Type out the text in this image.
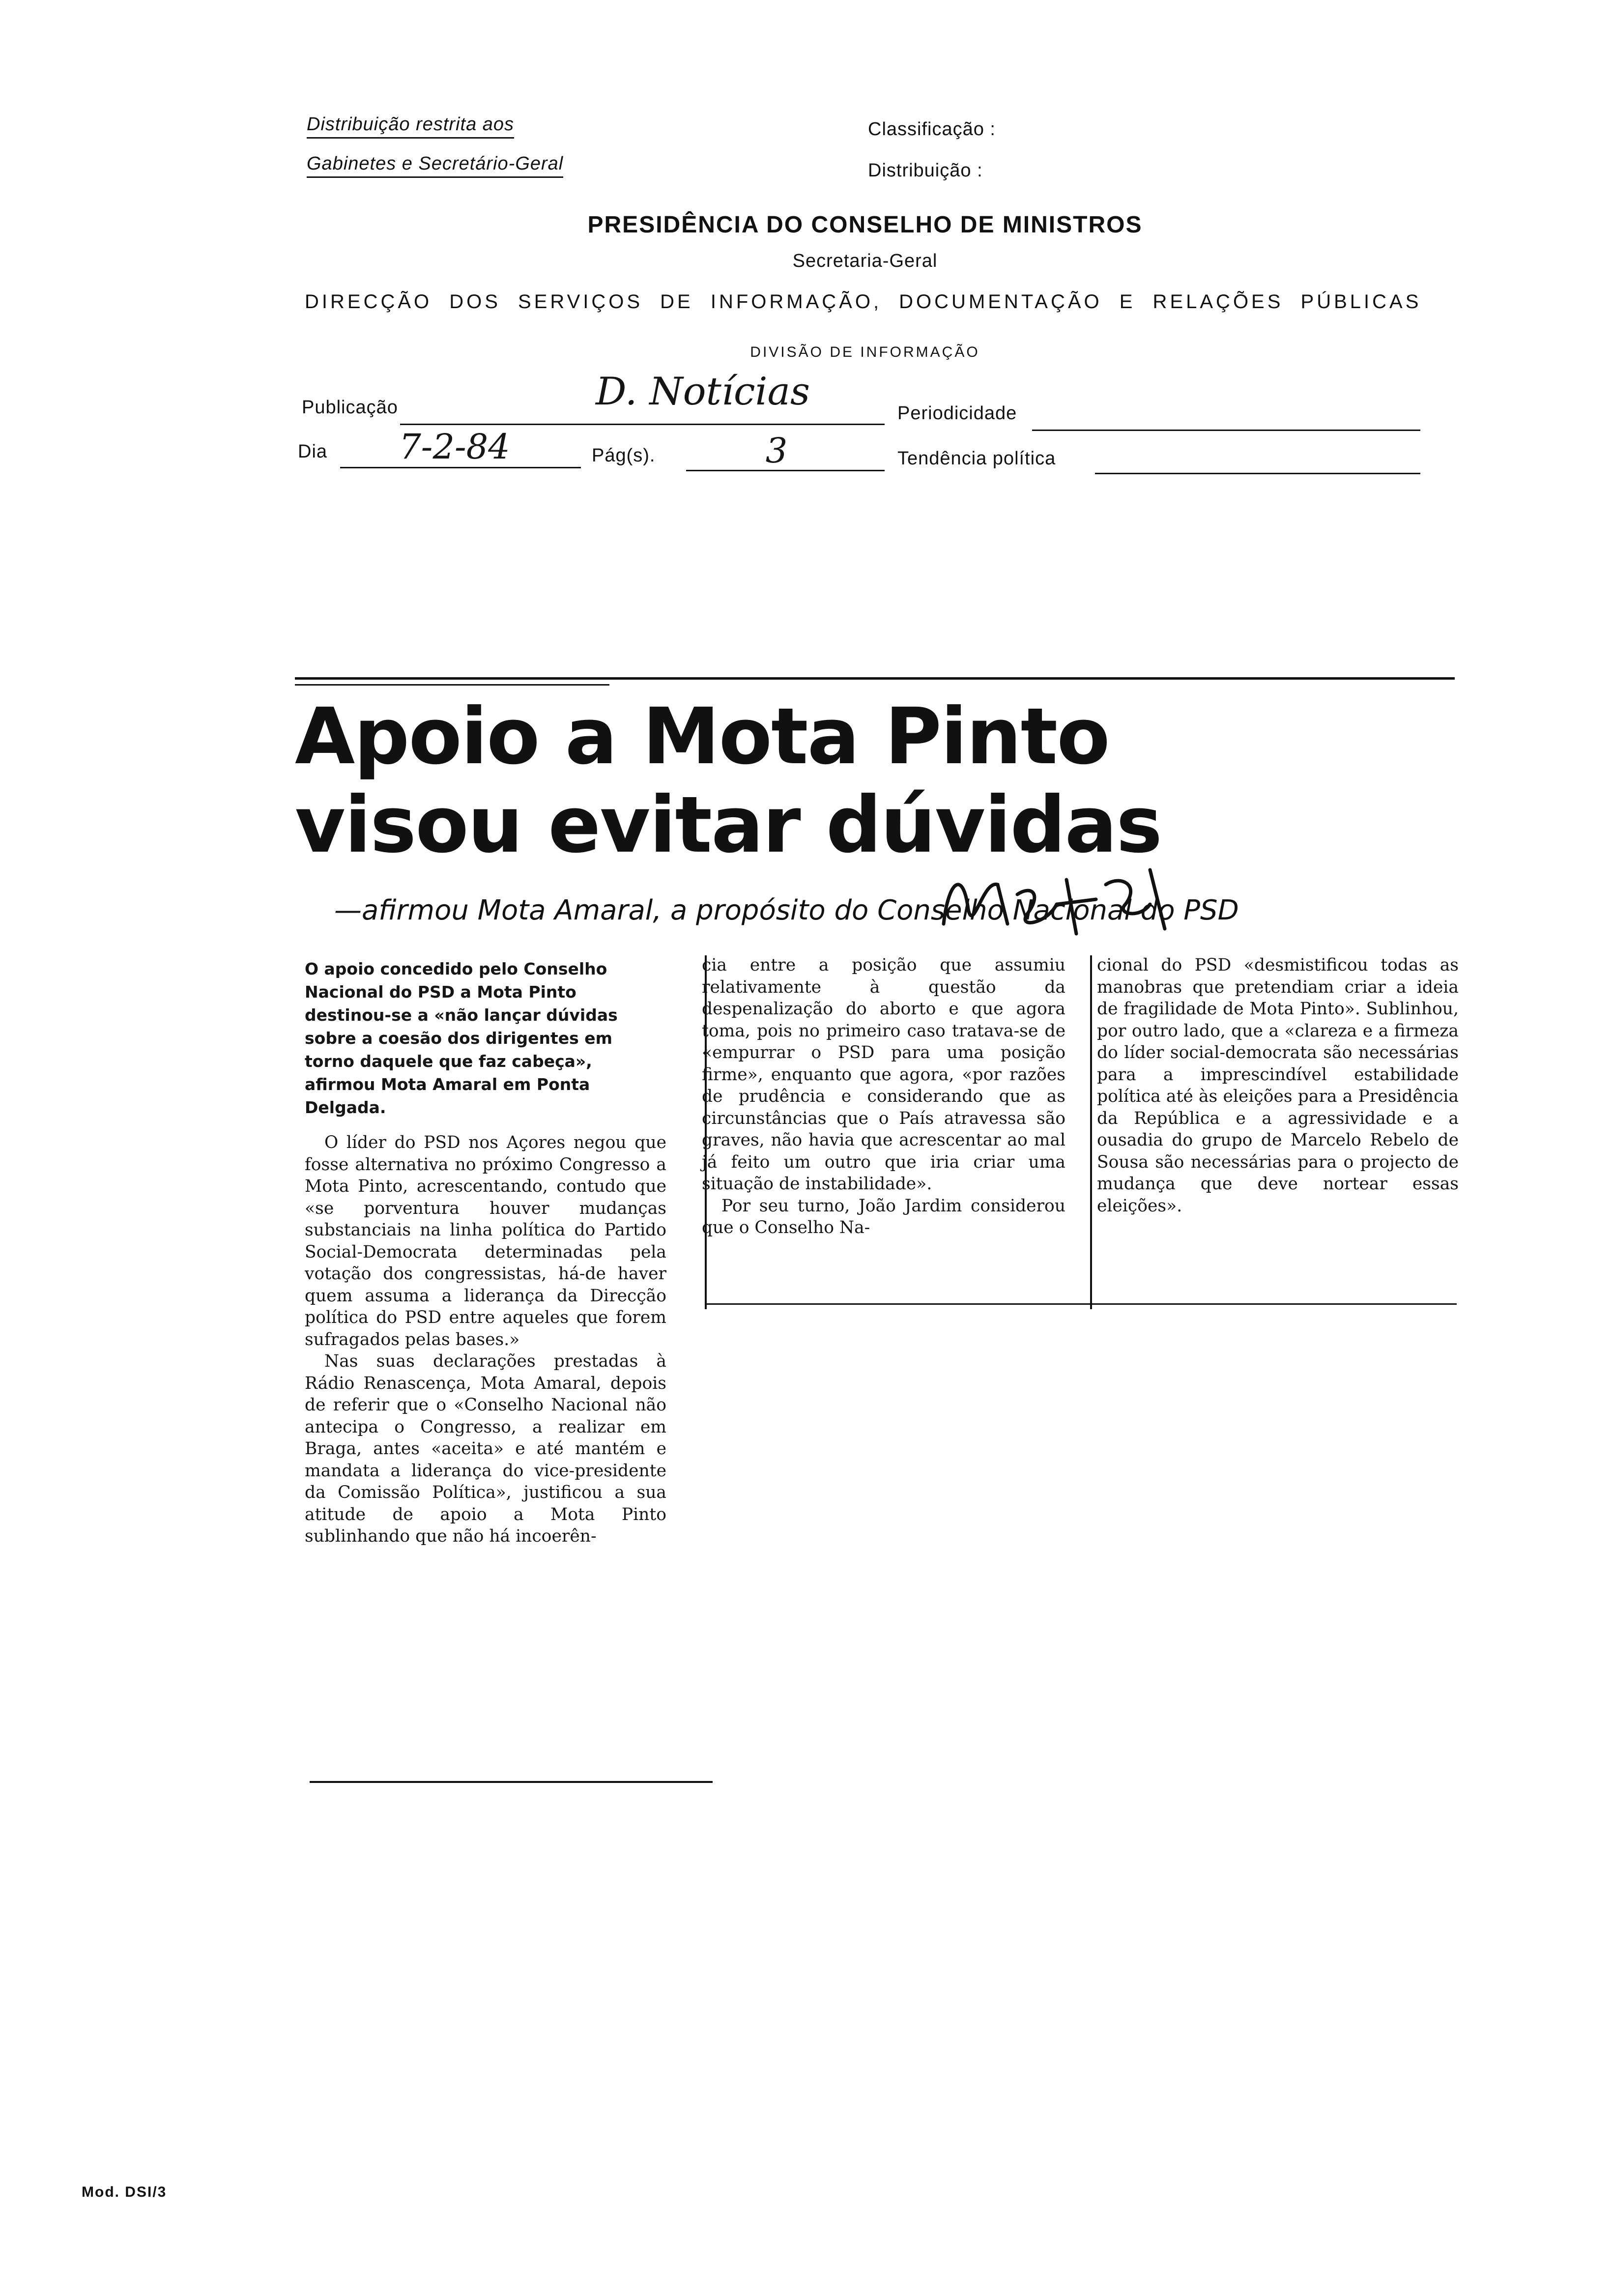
Distribuição restrita aos
Gabinetes e Secretário-Geral
Classificação :
Distribuição :
PRESIDÊNCIA DO CONSELHO DE MINISTROS
Secretaria-Geral
DIRECÇÃO DOS SERVIÇOS DE INFORMAÇÃO, DOCUMENTAÇÃO E RELAÇÕES PÚBLICAS
DIVISÃO DE INFORMAÇÃO
Publicação	D. Notícias	Periodicidade
Dia	7-2-84	Pág(s).	3	Tendência política
Apoio a Mota Pinto
visou evitar dúvidas
—afirmou Mota Amaral, a propósito do Conselho Nacional do PSD

O apoio concedido pelo Conselho Nacional do PSD a Mota Pinto destinou-se a «não lançar dúvidas sobre a coesão dos dirigentes em torno daquele que faz cabeça», afirmou Mota Amaral em Ponta Delgada.

O líder do PSD nos Açores negou que fosse alternativa no próximo Congresso a Mota Pinto, acrescentando, contudo que «se porventura houver mudanças substanciais na linha política do Partido Social-Democrata determinadas pela votação dos congressistas, há-de haver quem assuma a liderança da Direcção política do PSD entre aqueles que forem sufragados pelas bases.»

Nas suas declarações prestadas à Rádio Renascença, Mota Amaral, depois de referir que o «Conselho Nacional não antecipa o Congresso, a realizar em Braga, antes «aceita» e até mantém e mandata a liderança do vice-presidente da Comissão Política», justificou a sua atitude de apoio a Mota Pinto sublinhando que não há incoerên-

cia entre a posição que assumiu relativamente à questão da despenalização do aborto e que agora toma, pois no primeiro caso tratava-se de «empurrar o PSD para uma posição firme», enquanto que agora, «por razões de prudência e considerando que as circunstâncias que o País atravessa são graves, não havia que acrescentar ao mal já feito um outro que iria criar uma situação de instabilidade».

Por seu turno, João Jardim considerou que o Conselho Na-

cional do PSD «desmistificou todas as manobras que pretendiam criar a ideia de fragilidade de Mota Pinto». Sublinhou, por outro lado, que a «clareza e a firmeza do líder social-democrata são necessárias para a imprescindível estabilidade política até às eleições para a Presidência da República e a agressividade e a ousadia do grupo de Marcelo Rebelo de Sousa são necessárias para o projecto de mudança que deve nortear essas eleições».

Mod. DSI/3
